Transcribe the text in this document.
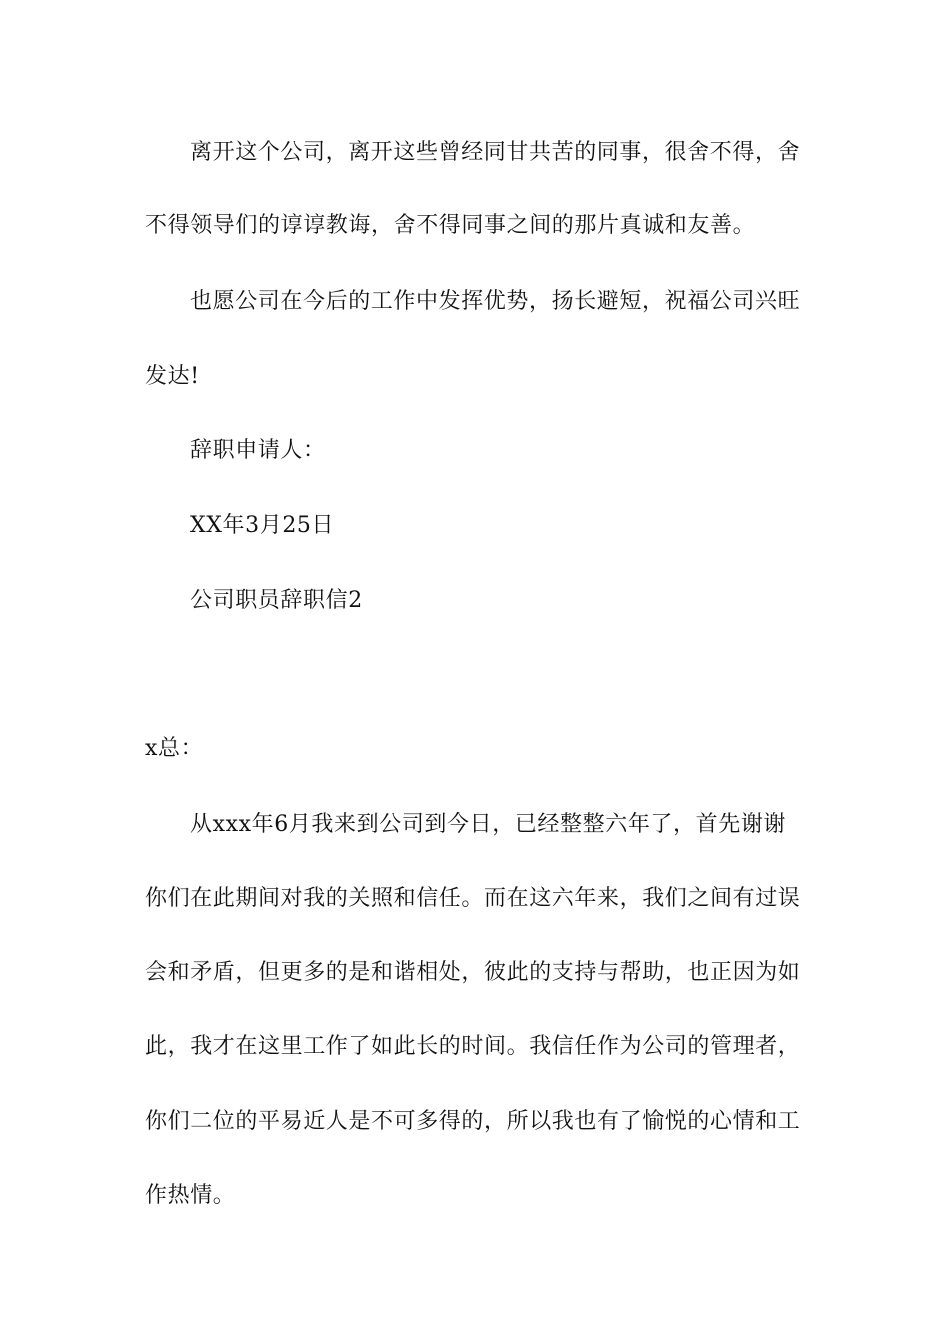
离开这个公司，离开这些曾经同甘共苦的同事，很舍不得，舍
不得领导们的谆谆教诲，舍不得同事之间的那片真诚和友善。
也愿公司在今后的工作中发挥优势，扬长避短，祝福公司兴旺
发达!
辞职申请人：
XX年3月25日
公司职员辞职信2
x总：
从xxx年6月我来到公司到今日，已经整整六年了，首先谢谢
你们在此期间对我的关照和信任。而在这六年来，我们之间有过误
会和矛盾，但更多的是和谐相处，彼此的支持与帮助，也正因为如
此，我才在这里工作了如此长的时间。我信任作为公司的管理者，
你们二位的平易近人是不可多得的，所以我也有了愉悦的心情和工
作热情。
